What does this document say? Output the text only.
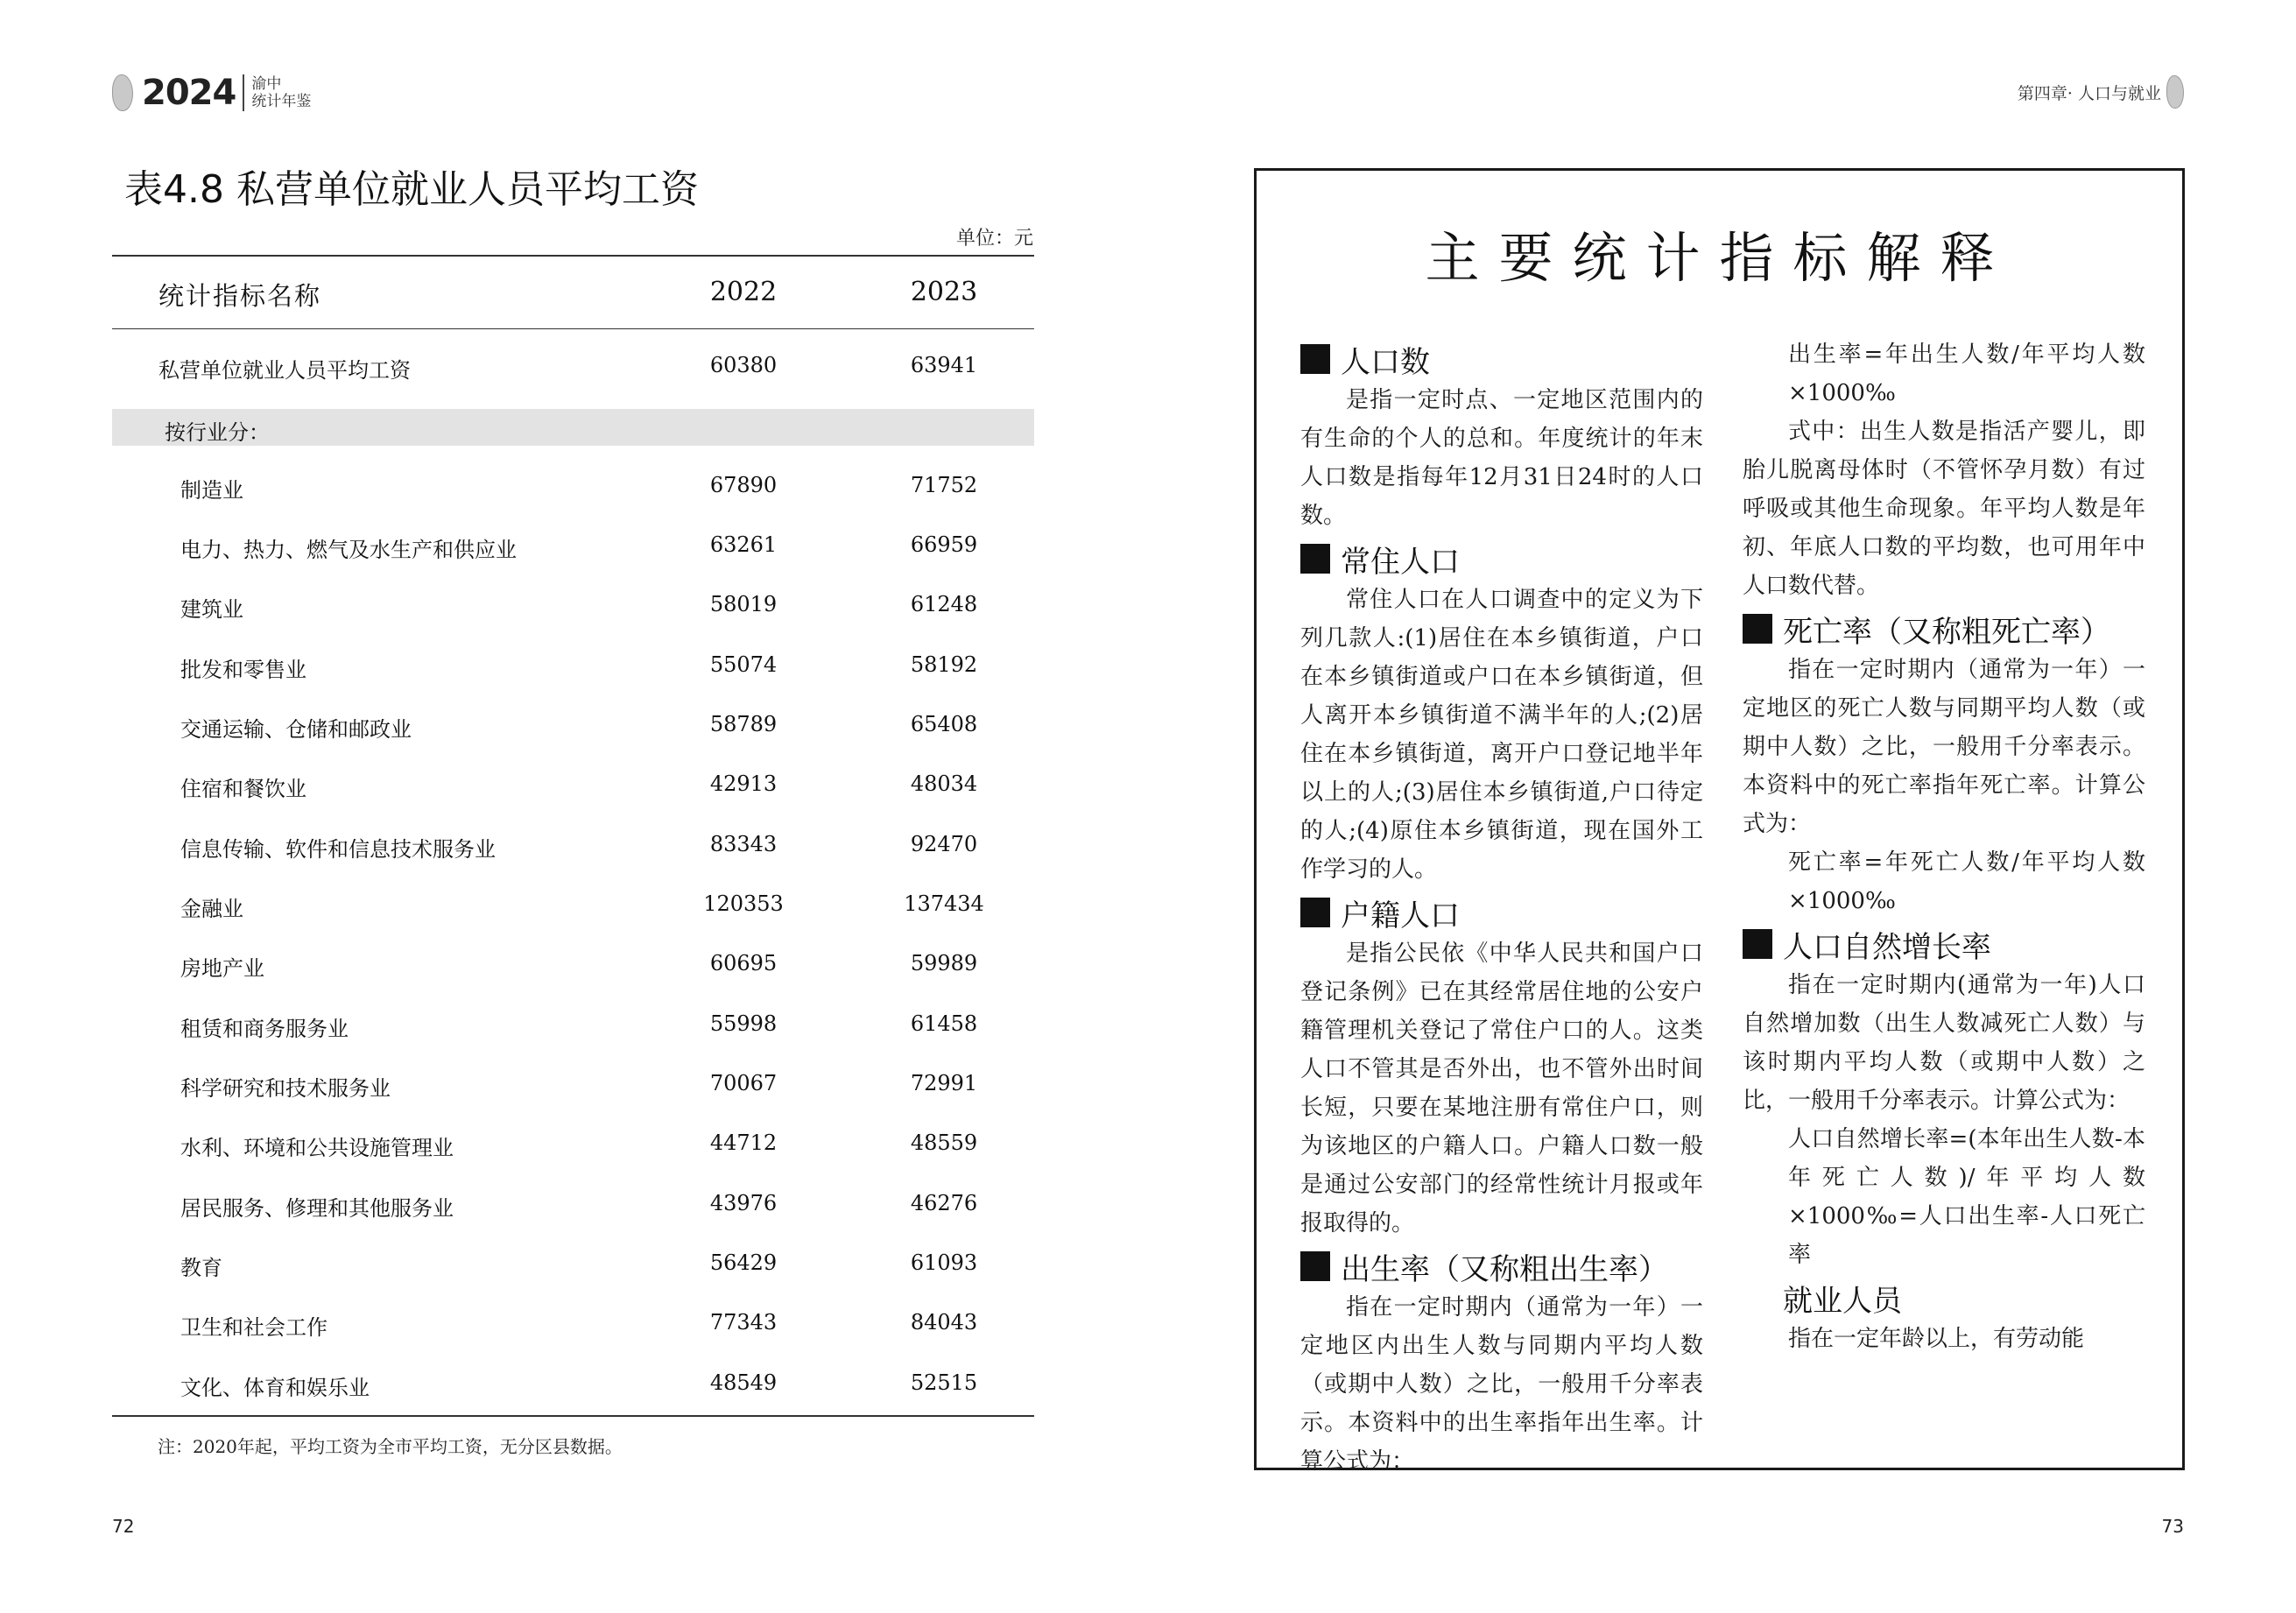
2024 渝中
统计年鉴	第四章· 人口与就业
表4.8 私营单位就业人员平均工资
单位：元
统计指标名称	2022	2023
私营单位就业人员平均工资	60380	63941
按行业分：
制造业	67890	71752
电力、热力、燃气及水生产和供应业	63261	66959
建筑业	58019	61248
批发和零售业	55074	58192
交通运输、仓储和邮政业	58789	65408
住宿和餐饮业	42913	48034
信息传输、软件和信息技术服务业	83343	92470
金融业	120353	137434
房地产业	60695	59989
租赁和商务服务业	55998	61458
科学研究和技术服务业	70067	72991
水利、环境和公共设施管理业	44712	48559
居民服务、修理和其他服务业	43976	46276
教育	56429	61093
卫生和社会工作	77343	84043
文化、体育和娱乐业	48549	52515
注：2020年起，平均工资为全市平均工资，无分区县数据。
72	73
主要统计指标解释
人口数

是指一定时点、一定地区范围内的有生命的个人的总和。年度统计的年末人口数是指每年12月31日24时的人口数。

常住人口

常住人口在人口调查中的定义为下列几款人:(1)居住在本乡镇街道，户口在本乡镇街道或户口在本乡镇街道，但人离开本乡镇街道不满半年的人;(2)居住在本乡镇街道，离开户口登记地半年以上的人;(3)居住本乡镇街道,户口待定的人;(4)原住本乡镇街道，现在国外工作学习的人。

户籍人口

是指公民依《中华人民共和国户口登记条例》已在其经常居住地的公安户籍管理机关登记了常住户口的人。这类人口不管其是否外出，也不管外出时间长短，只要在某地注册有常住户口，则为该地区的户籍人口。户籍人口数一般是通过公安部门的经常性统计月报或年报取得的。

出生率（又称粗出生率）

指在一定时期内（通常为一年）一定地区内出生人数与同期内平均人数（或期中人数）之比，一般用千分率表示。本资料中的出生率指年出生率。计算公式为：

出生率=年出生人数/年平均人数×1000‰

式中：出生人数是指活产婴儿，即胎儿脱离母体时（不管怀孕月数）有过呼吸或其他生命现象。年平均人数是年初、年底人口数的平均数，也可用年中人口数代替。

死亡率（又称粗死亡率）

指在一定时期内（通常为一年）一定地区的死亡人数与同期平均人数（或期中人数）之比，一般用千分率表示。本资料中的死亡率指年死亡率。计算公式为：

死亡率=年死亡人数/年平均人数×1000‰

人口自然增长率

指在一定时期内(通常为一年)人口自然增加数（出生人数减死亡人数）与该时期内平均人数（或期中人数）之比，一般用千分率表示。计算公式为：

人口自然增长率=(本年出生人数-本年死亡人数)/年平均人数×1000‰=人口出生率-人口死亡率

就业人员

指在一定年龄以上，有劳动能
